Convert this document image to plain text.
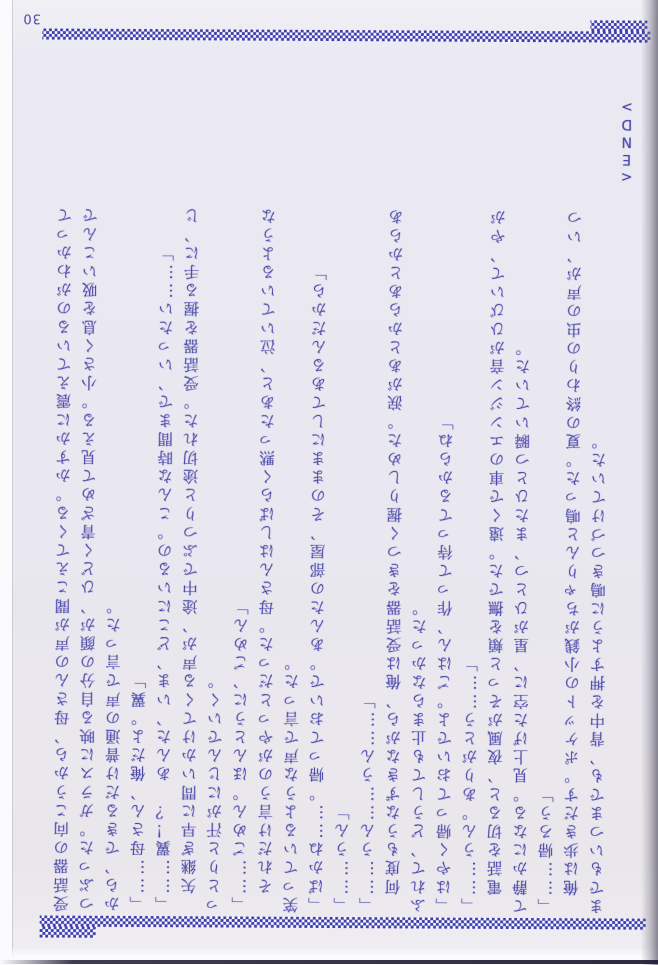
30

受話器の向こうから、母さんの声が聞こえてくる。かすかに震えているのがわかって つぶった。ガラスに映る自分の顔が、ひどく青ざめて見える。小さく息を吸いこんで から、できるだけ普通の声で言った。 「……母さん、俺だよ。翼」 「……翼！？　あんた、いま、どこにいるの。こんな時間まで、いったい……」 　矢継ぎ早に問いかけてくる声が、途中でぷつりと途切れた。受話器を握る手に、じ っとりと汗がにじんでいく。 「……ごめん。ほんとうに、ごめん」 　それだけ言うのがやっとだった。母さんはしばらく黙ったあと、泣いているような 笑っているような声で言った。 「ばかね……。帰っておいで。あんたの部屋、そのままにしてあるんだから」 「……うん」 「……うん……うん……」 　何度もうなずきながら、俺は受話器をきつく握りしめた。涙があとからあとからあ ふれて、どうしても止まらなかった。 「はやく帰っておいでよ。ごはん、作って待ってるからね」 「……うん。ありがとう……」 　電話を切ると、夜風がそっと頬を撫でた。遠くで車のエンジン音がひびいて、やが て静かになる。見上げた空に、星がひとつ、またひとつ瞬いていた。 「……帰ろう」 　俺は歩きだす。ポケットの小銭がちゃりんと鳴った。夏の終わりの虫の声が、いつ までもいつまでも、背中を押すように鳴きつづけていた。

<END>
